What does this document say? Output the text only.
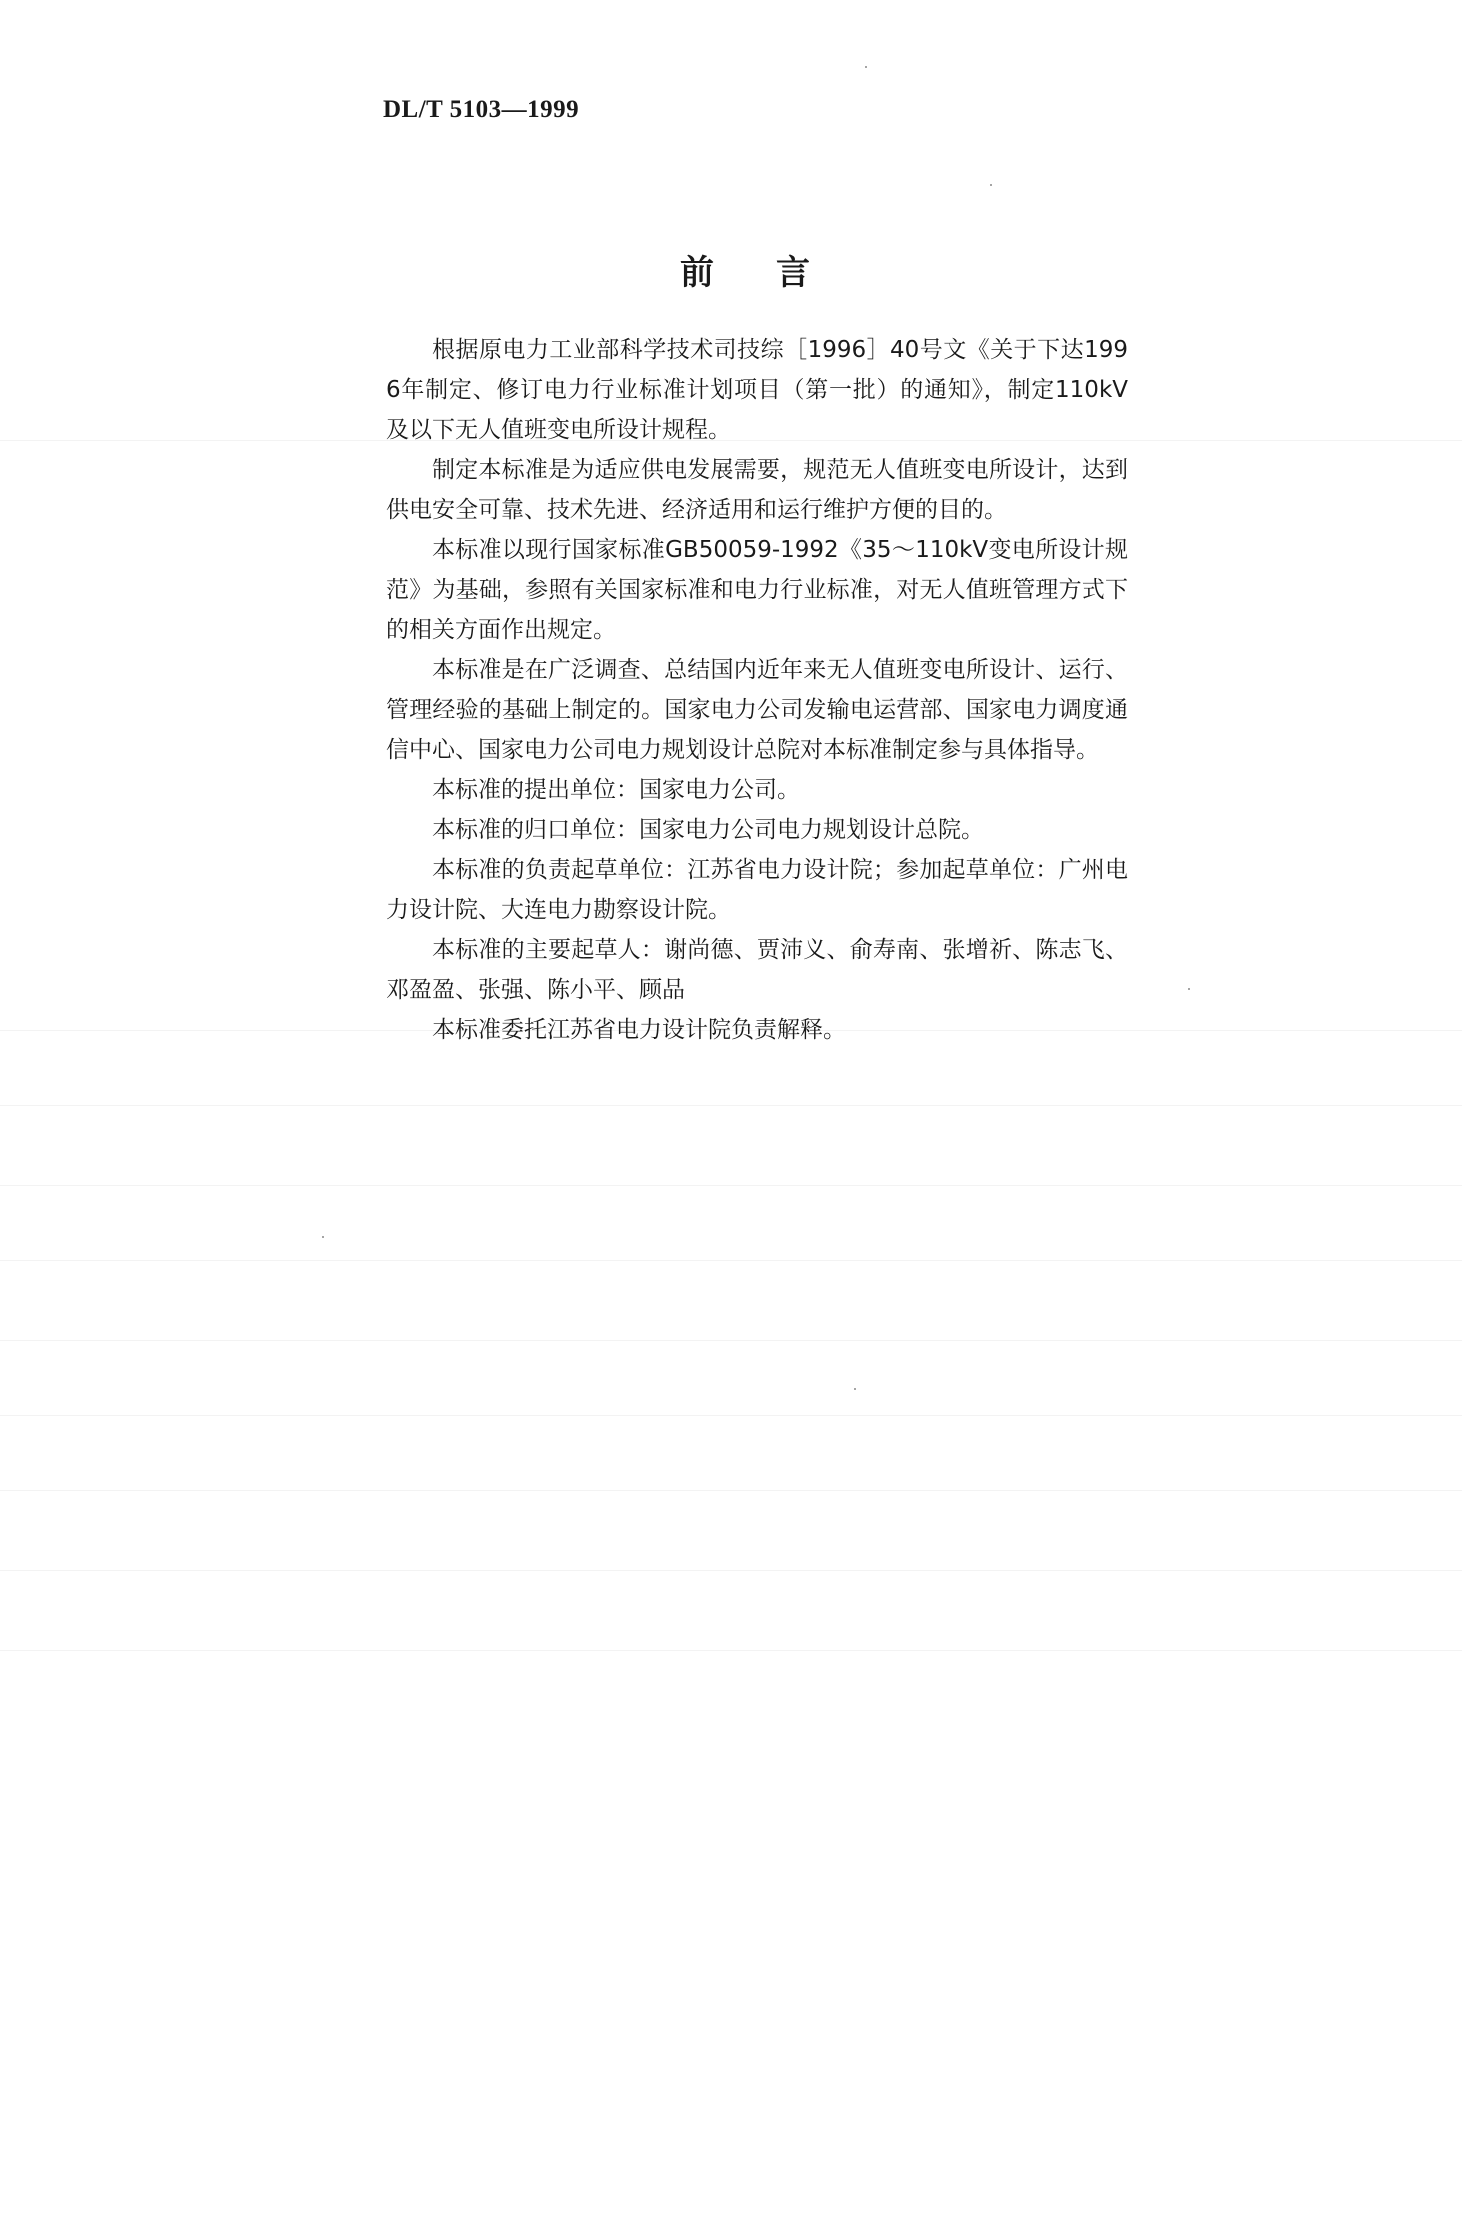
DL/T 5103—1999
前言

根据原电力工业部科学技术司技综［1996］40号文《关于下达1996年制定、修订电力行业标准计划项目（第一批）的通知》，制定110kV及以下无人值班变电所设计规程。

制定本标准是为适应供电发展需要，规范无人值班变电所设计，达到供电安全可靠、技术先进、经济适用和运行维护方便的目的。

本标准以现行国家标准GB50059-1992《35～110kV变电所设计规范》为基础，参照有关国家标准和电力行业标准，对无人值班管理方式下的相关方面作出规定。

本标准是在广泛调查、总结国内近年来无人值班变电所设计、运行、管理经验的基础上制定的。国家电力公司发输电运营部、国家电力调度通信中心、国家电力公司电力规划设计总院对本标准制定参与具体指导。

本标准的提出单位：国家电力公司。

本标准的归口单位：国家电力公司电力规划设计总院。

本标准的负责起草单位：江苏省电力设计院；参加起草单位：广州电力设计院、大连电力勘察设计院。

本标准的主要起草人：谢尚德、贾沛义、俞寿南、张增祈、陈志飞、邓盈盈、张强、陈小平、顾品

本标准委托江苏省电力设计院负责解释。
